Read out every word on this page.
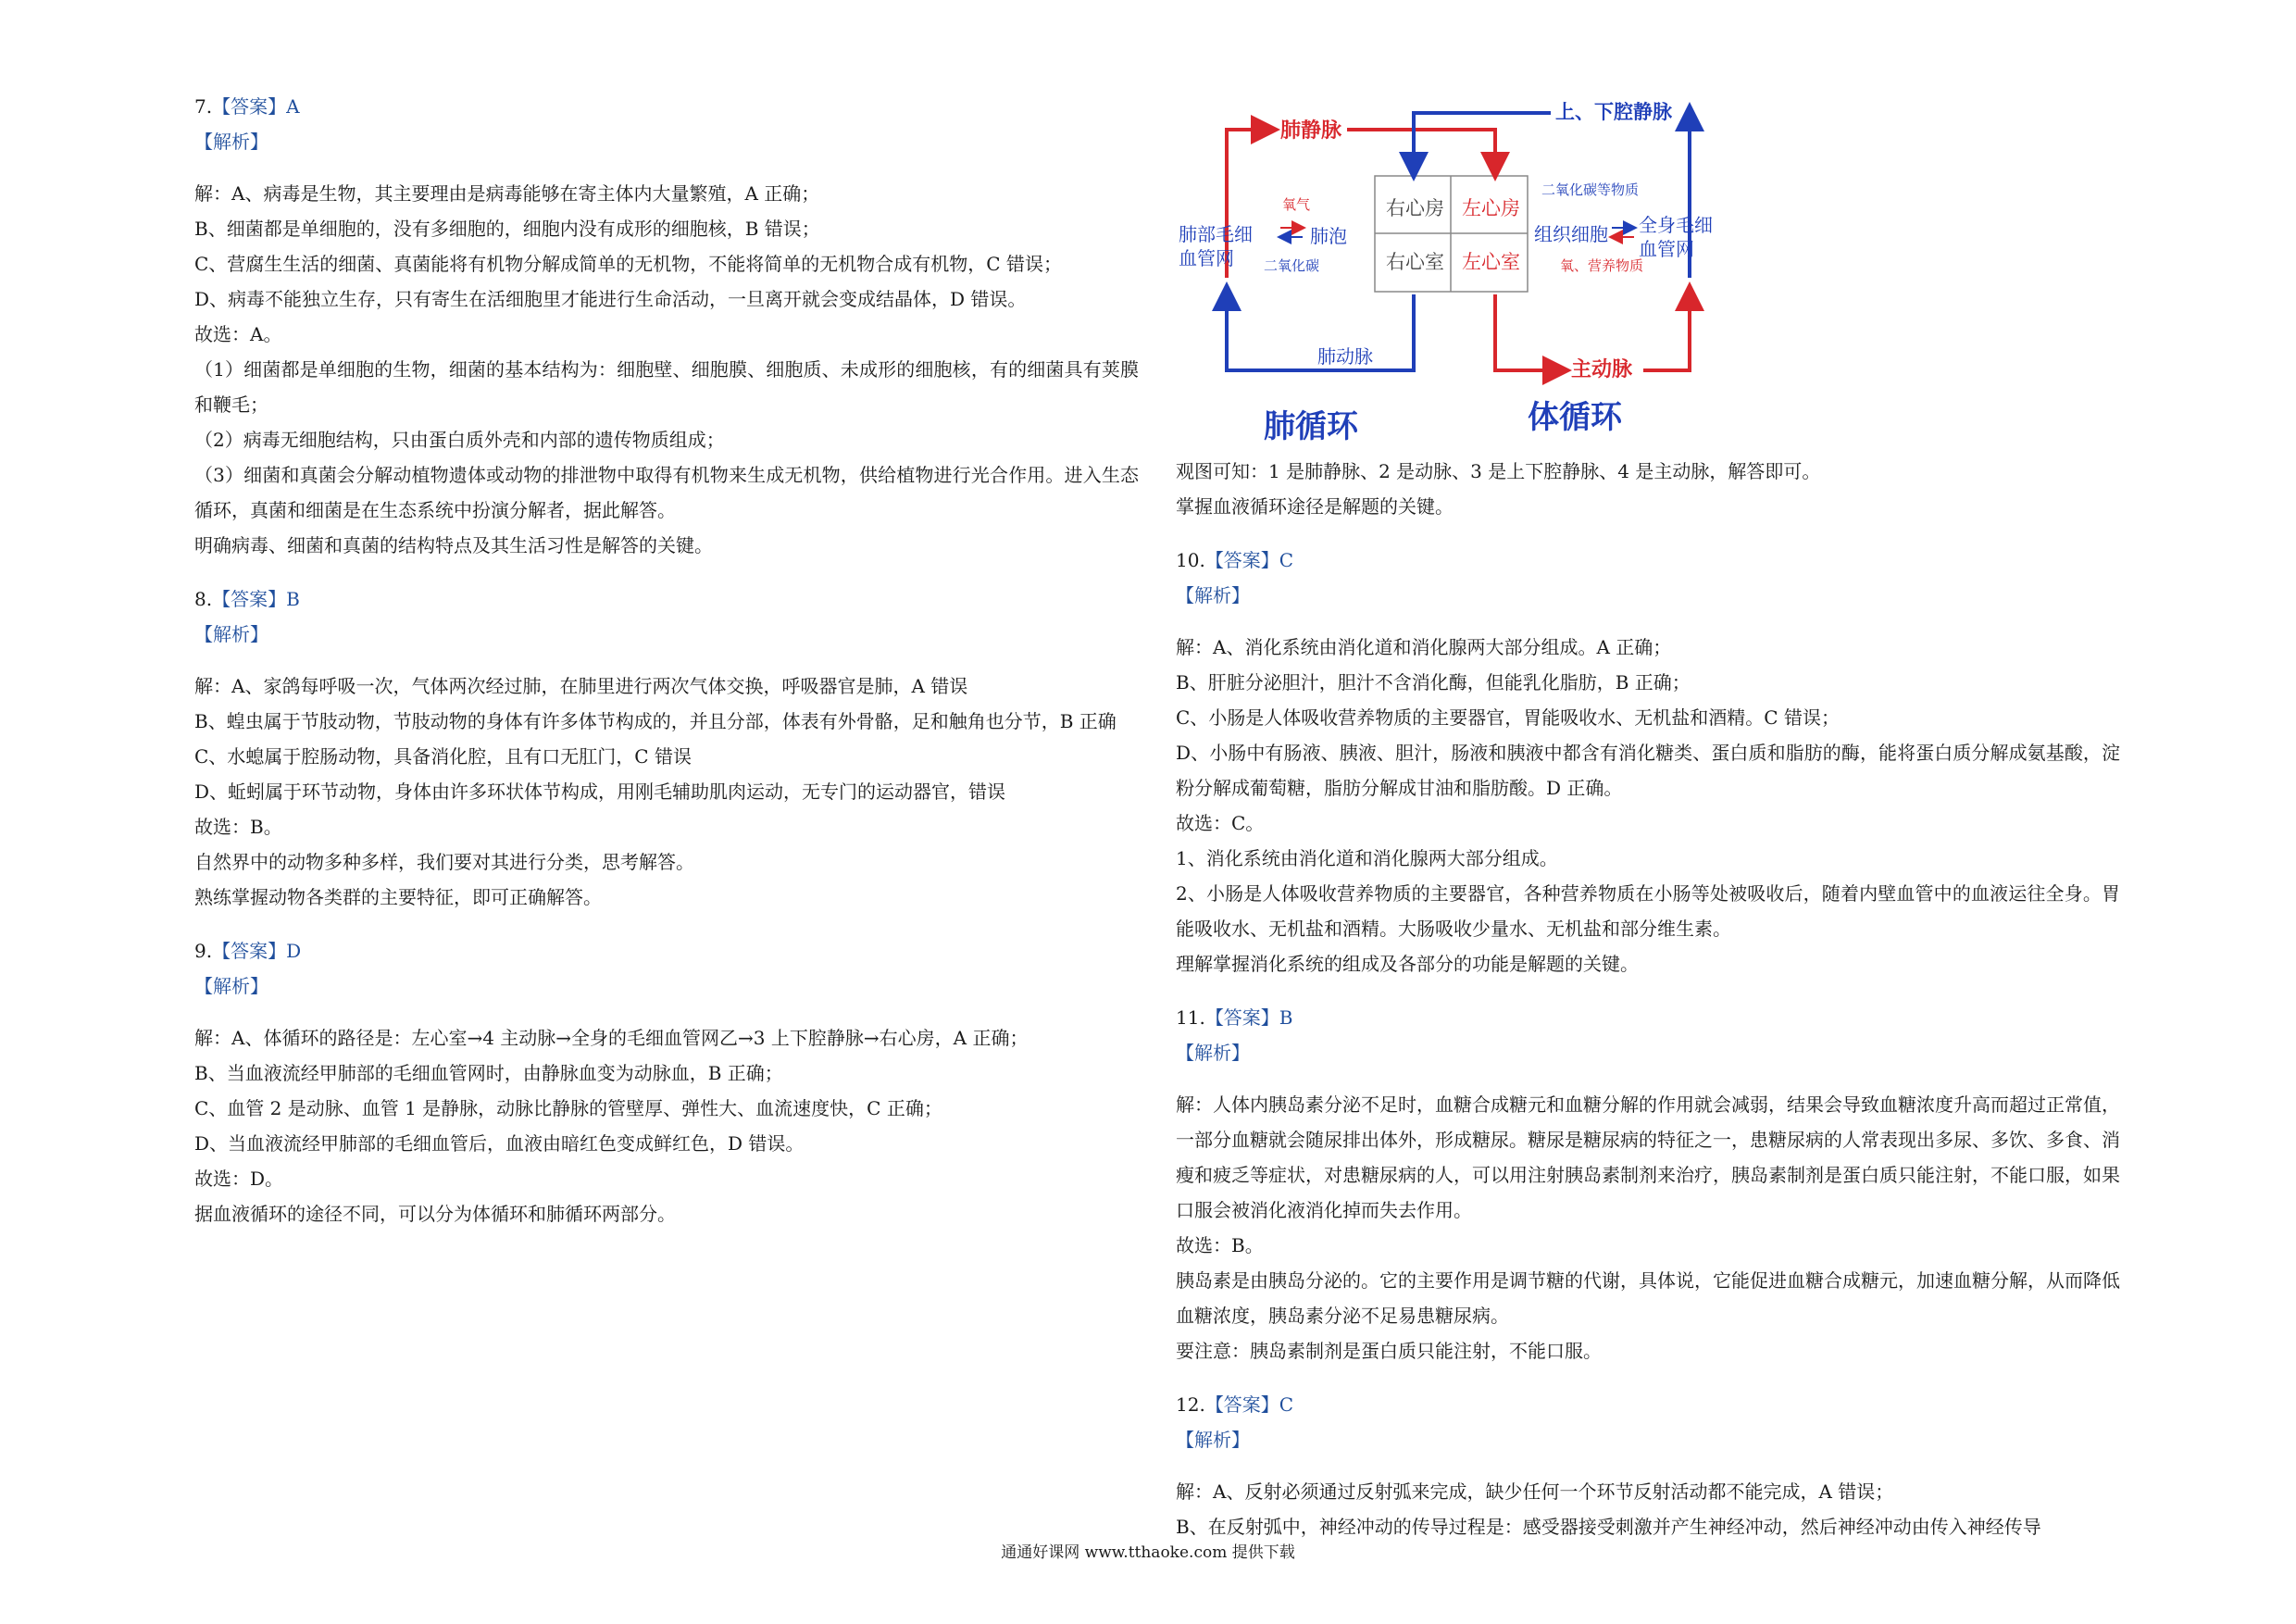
7.【答案】A
【解析】

解：A、病毒是生物，其主要理由是病毒能够在寄主体内大量繁殖，A 正确；

B、细菌都是单细胞的，没有多细胞的，细胞内没有成形的细胞核，B 错误；

C、营腐生生活的细菌、真菌能将有机物分解成简单的无机物，不能将简单的无机物合成有机物，C 错误；

D、病毒不能独立生存，只有寄生在活细胞里才能进行生命活动，一旦离开就会变成结晶体，D 错误。

故选：A。

（1）细菌都是单细胞的生物，细菌的基本结构为：细胞壁、细胞膜、细胞质、未成形的细胞核，有的细菌具有荚膜和鞭毛；

（2）病毒无细胞结构，只由蛋白质外壳和内部的遗传物质组成；

（3）细菌和真菌会分解动植物遗体或动物的排泄物中取得有机物来生成无机物，供给植物进行光合作用。进入生态循环，真菌和细菌是在生态系统中扮演分解者，据此解答。

明确病毒、细菌和真菌的结构特点及其生活习性是解答的关键。

8.【答案】B
【解析】

解：A、家鸽每呼吸一次，气体两次经过肺，在肺里进行两次气体交换，呼吸器官是肺，A 错误

B、蝗虫属于节肢动物，节肢动物的身体有许多体节构成的，并且分部，体表有外骨骼，足和触角也分节，B 正确

C、水螅属于腔肠动物，具备消化腔，且有口无肛门，C 错误

D、蚯蚓属于环节动物，身体由许多环状体节构成，用刚毛辅助肌肉运动，无专门的运动器官，错误

故选：B。

自然界中的动物多种多样，我们要对其进行分类，思考解答。

熟练掌握动物各类群的主要特征，即可正确解答。

9.【答案】D
【解析】

解：A、体循环的路径是：左心室→4 主动脉→全身的毛细血管网乙→3 上下腔静脉→右心房，A 正确；

B、当血液流经甲肺部的毛细血管网时，由静脉血变为动脉血，B 正确；

C、血管 2 是动脉、血管 1 是静脉，动脉比静脉的管壁厚、弹性大、血流速度快，C 正确；

D、当血液流经甲肺部的毛细血管后，血液由暗红色变成鲜红色，D 错误。

故选：D。

据血液循环的途径不同，可以分为体循环和肺循环两部分。

右心房 左心房
右心室 左心室
肺静脉
上、下腔静脉
肺部毛细
血管网
氧气
肺泡
二氧化碳
二氧化碳等物质
组织细胞
氧、营养物质
全身毛细
血管网
肺动脉
主动脉
肺循环	体循环

观图可知：1 是肺静脉、2 是动脉、3 是上下腔静脉、4 是主动脉，解答即可。

掌握血液循环途径是解题的关键。

10.【答案】C
【解析】

解：A、消化系统由消化道和消化腺两大部分组成。A 正确；

B、肝脏分泌胆汁，胆汁不含消化酶，但能乳化脂肪，B 正确；

C、小肠是人体吸收营养物质的主要器官，胃能吸收水、无机盐和酒精。C 错误；

D、小肠中有肠液、胰液、胆汁，肠液和胰液中都含有消化糖类、蛋白质和脂肪的酶，能将蛋白质分解成氨基酸，淀粉分解成葡萄糖，脂肪分解成甘油和脂肪酸。D 正确。

故选：C。

1、消化系统由消化道和消化腺两大部分组成。

2、小肠是人体吸收营养物质的主要器官，各种营养物质在小肠等处被吸收后，随着内壁血管中的血液运往全身。胃能吸收水、无机盐和酒精。大肠吸收少量水、无机盐和部分维生素。

理解掌握消化系统的组成及各部分的功能是解题的关键。

11.【答案】B
【解析】

解：人体内胰岛素分泌不足时，血糖合成糖元和血糖分解的作用就会减弱，结果会导致血糖浓度升高而超过正常值，一部分血糖就会随尿排出体外，形成糖尿。糖尿是糖尿病的特征之一，患糖尿病的人常表现出多尿、多饮、多食、消瘦和疲乏等症状，对患糖尿病的人，可以用注射胰岛素制剂来治疗，胰岛素制剂是蛋白质只能注射，不能口服，如果口服会被消化液消化掉而失去作用。

故选：B。

胰岛素是由胰岛分泌的。它的主要作用是调节糖的代谢，具体说，它能促进血糖合成糖元，加速血糖分解，从而降低血糖浓度，胰岛素分泌不足易患糖尿病。

要注意：胰岛素制剂是蛋白质只能注射，不能口服。

12.【答案】C
【解析】

解：A、反射必须通过反射弧来完成，缺少任何一个环节反射活动都不能完成，A 错误；

B、在反射弧中，神经冲动的传导过程是：感受器接受刺激并产生神经冲动，然后神经冲动由传入神经传导

通通好课网 www.tthaoke.com 提供下载
